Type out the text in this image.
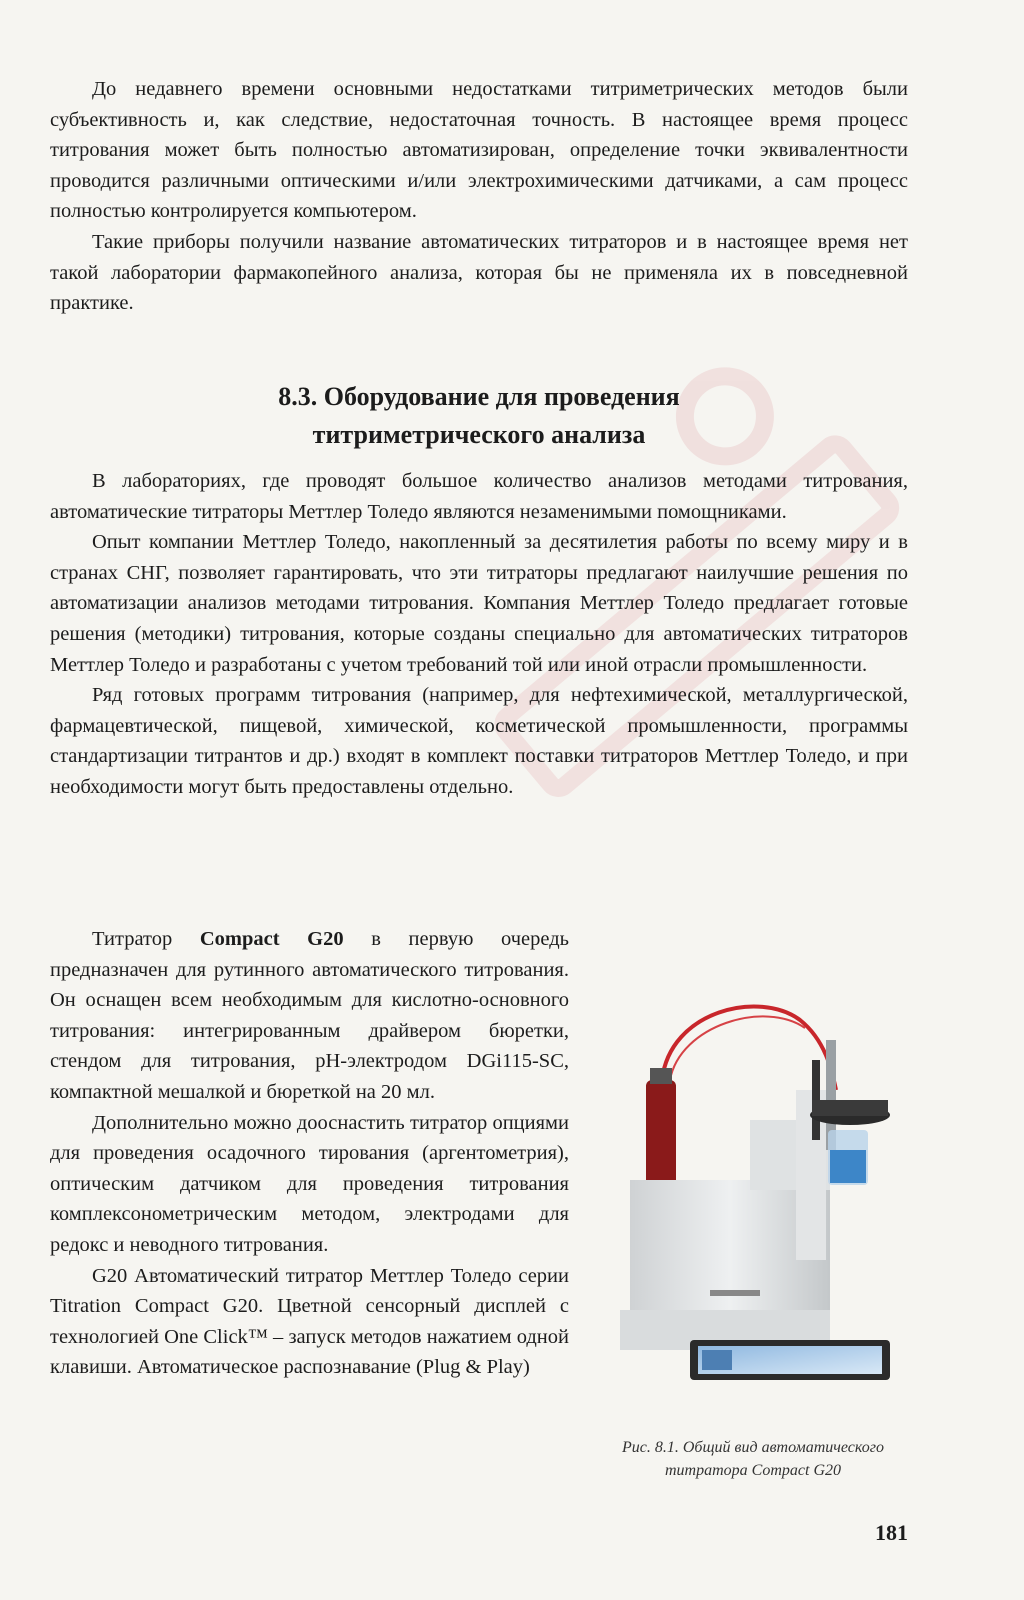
До недавнего времени основными недостатками титриметрических методов были субъективность и, как следствие, недостаточная точность. В настоящее время процесс титрования может быть полностью автоматизирован, определение точки эквивалентности проводится различными оптическими и/или электрохимическими датчиками, а сам процесс полностью контролируется компьютером.

Такие приборы получили название автоматических титраторов и в настоящее время нет такой лаборатории фармакопейного анализа, которая бы не применяла их в повседневной практике.

8.3. Оборудование для проведения
титриметрического анализа

В лабораториях, где проводят большое количество анализов методами титрования, автоматические титраторы Меттлер Толедо являются незаменимыми помощниками.

Опыт компании Меттлер Толедо, накопленный за десятилетия работы по всему миру и в странах СНГ, позволяет гарантировать, что эти титраторы предлагают наилучшие решения по автоматизации анализов методами титрования. Компания Меттлер Толедо предлагает готовые решения (методики) титрования, которые созданы специально для автоматических титраторов Меттлер Толедо и разработаны с учетом требований той или иной отрасли промышленности.

Ряд готовых программ титрования (например, для нефтехимической, металлургической, фармацевтической, пищевой, химической, косметической промышленности, программы стандартизации титрантов и др.) входят в комплект поставки титраторов Меттлер Толедо, и при необходимости могут быть предоставлены отдельно.

Титратор Compact G20 в первую очередь предназначен для рутинного автоматического титрования. Он оснащен всем необходимым для кислотно-основного титрования: интегрированным драйвером бюретки, стендом для титрования, pH-электродом DGi115-SC, компактной мешалкой и бюреткой на 20 мл.

Дополнительно можно дооснастить титратор опциями для проведения осадочного тирования (аргентометрия), оптическим датчиком для проведения титрования комплексонометрическим методом, электродами для редокс и неводного титрования.

G20 Автоматический титратор Меттлер Толедо серии Titration Compact G20. Цветной сенсорный дисплей с технологией One Click™ – запуск методов нажатием одной клавиши. Автоматическое распознавание (Plug & Play)

Рис. 8.1. Общий вид автоматического титратора Compact G20
181
